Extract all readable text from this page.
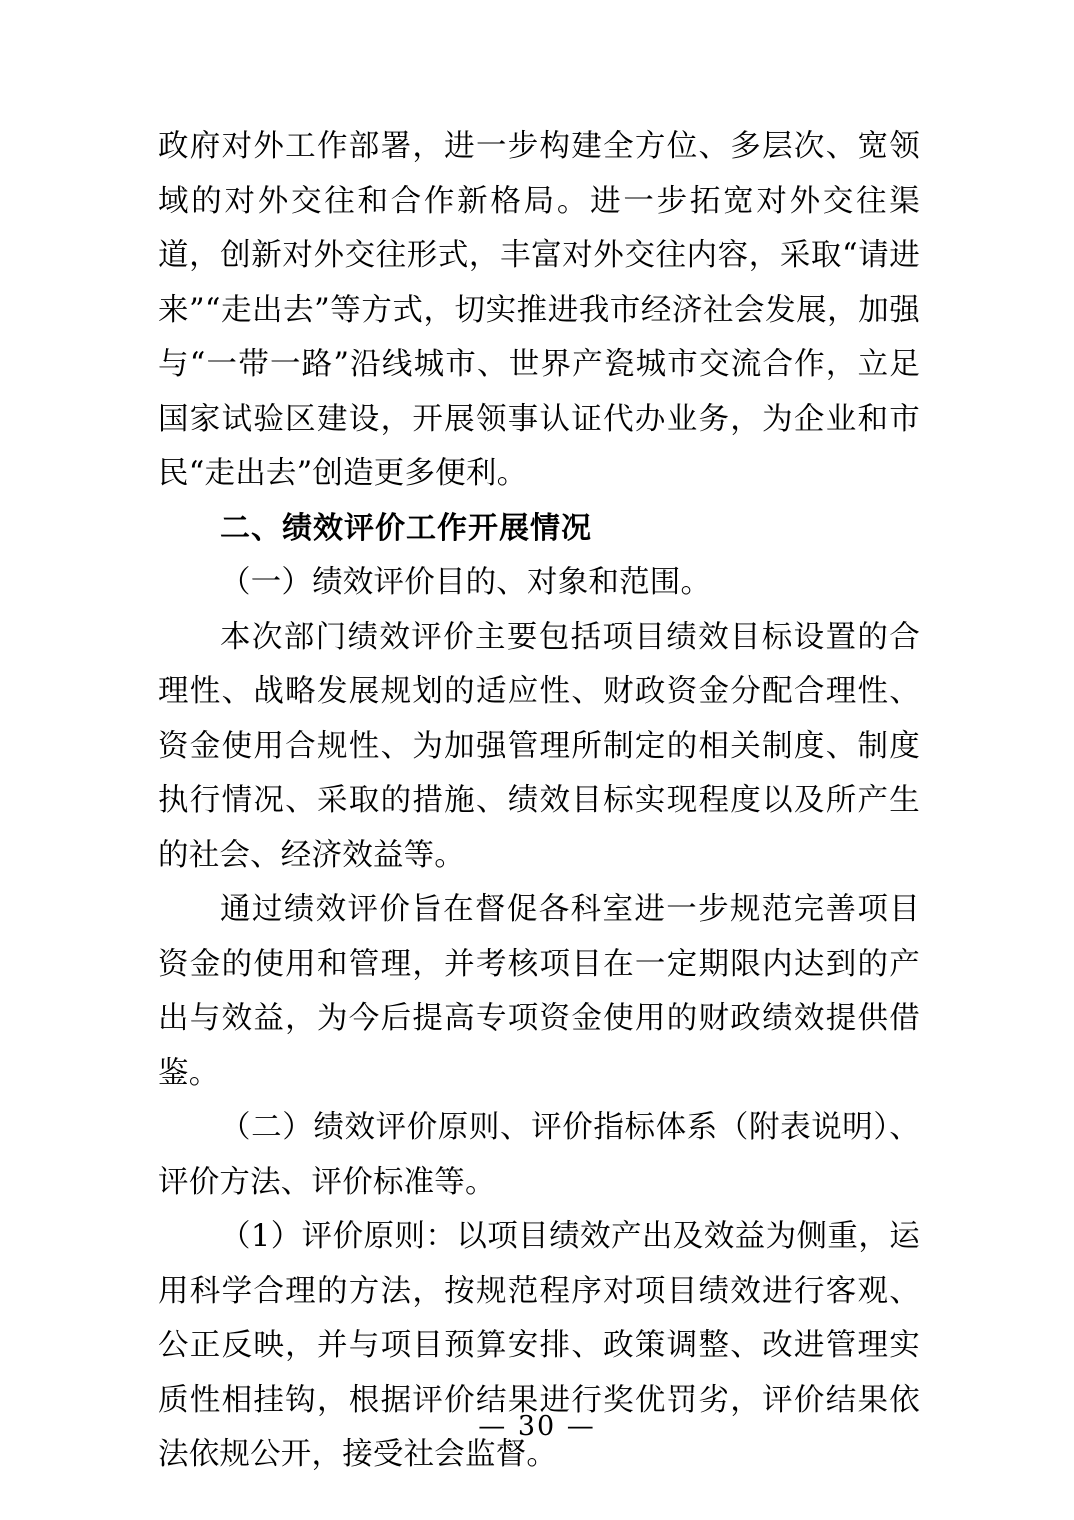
政府对外工作部署，进一步构建全方位、多层次、宽领域的对外交往和合作新格局。进一步拓宽对外交往渠道，创新对外交往形式，丰富对外交往内容，采取“请进来”“走出去”等方式，切实推进我市经济社会发展，加强与“一带一路”沿线城市、世界产瓷城市交流合作，立足国家试验区建设，开展领事认证代办业务，为企业和市民“走出去”创造更多便利。

二、绩效评价工作开展情况

（一）绩效评价目的、对象和范围。

本次部门绩效评价主要包括项目绩效目标设置的合理性、战略发展规划的适应性、财政资金分配合理性、资金使用合规性、为加强管理所制定的相关制度、制度执行情况、采取的措施、绩效目标实现程度以及所产生的社会、经济效益等。

通过绩效评价旨在督促各科室进一步规范完善项目资金的使用和管理，并考核项目在一定期限内达到的产出与效益，为今后提高专项资金使用的财政绩效提供借鉴。

（二）绩效评价原则、评价指标体系（附表说明）、评价方法、评价标准等。

（1）评价原则：以项目绩效产出及效益为侧重，运用科学合理的方法，按规范程序对项目绩效进行客观、公正反映，并与项目预算安排、政策调整、改进管理实质性相挂钩，根据评价结果进行奖优罚劣，评价结果依法依规公开，接受社会监督。

— 30 —
